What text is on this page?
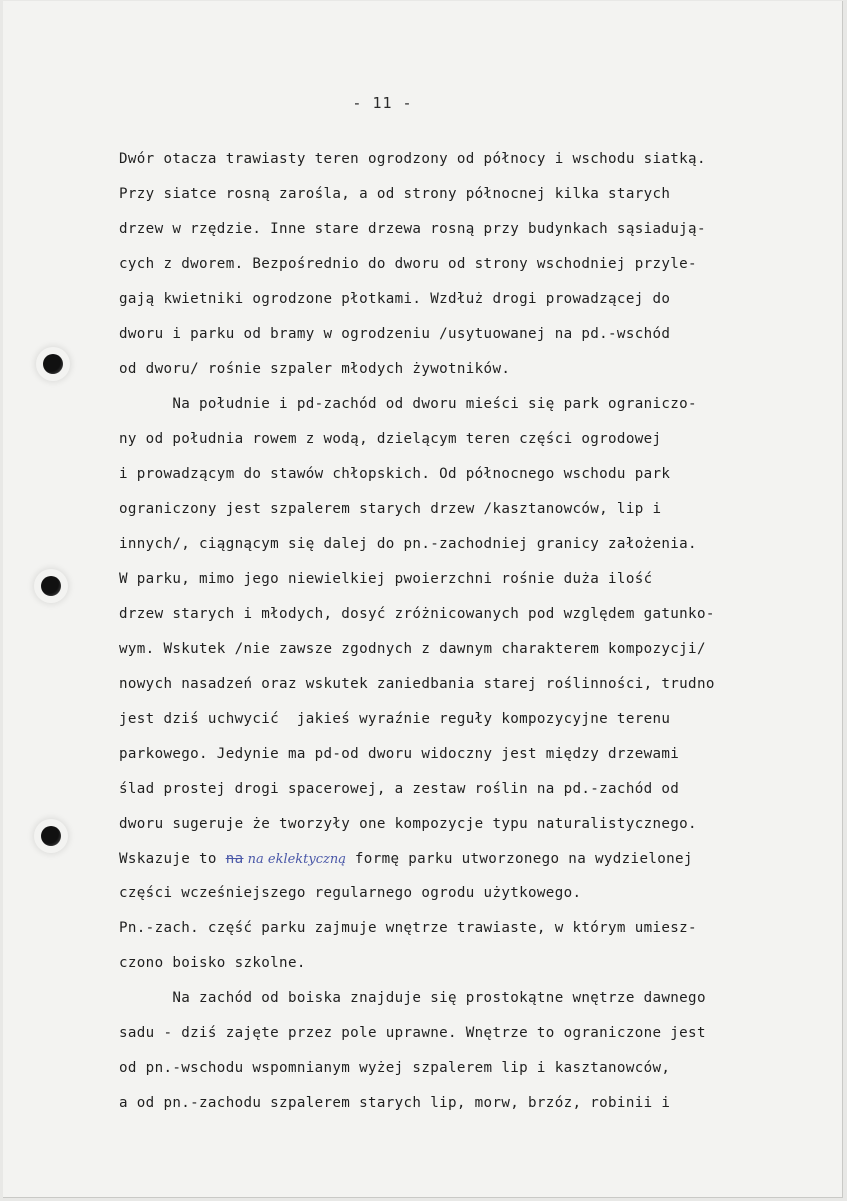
- 11 -
Dwór otacza trawiasty teren ogrodzony od północy i wschodu siatką.
Przy siatce rosną zarośla, a od strony północnej kilka starych
drzew w rzędzie. Inne stare drzewa rosną przy budynkach sąsiadują-
cych z dworem. Bezpośrednio do dworu od strony wschodniej przyle-
gają kwietniki ogrodzone płotkami. Wzdłuż drogi prowadzącej do
dworu i parku od bramy w ogrodzeniu /usytuowanej na pd.-wschód
od dworu/ rośnie szpaler młodych żywotników.
Na południe i pd-zachód od dworu mieści się park ograniczo-
ny od południa rowem z wodą, dzielącym teren części ogrodowej
i prowadzącym do stawów chłopskich. Od północnego wschodu park
ograniczony jest szpalerem starych drzew /kasztanowców, lip i
innych/, ciągnącym się dalej do pn.-zachodniej granicy założenia.
W parku, mimo jego niewielkiej pwoierzchni rośnie duża ilość
drzew starych i młodych, dosyć zróżnicowanych pod względem gatunko-
wym. Wskutek /nie zawsze zgodnych z dawnym charakterem kompozycji/
nowych nasadzeń oraz wskutek zaniedbania starej roślinności, trudno
jest dziś uchwycić  jakieś wyraźnie reguły kompozycyjne terenu
parkowego. Jedynie ma pd-od dworu widoczny jest między drzewami
ślad prostej drogi spacerowej, a zestaw roślin na pd.-zachód od
dworu sugeruje że tworzyły one kompozycje typu naturalistycznego.
Wskazuje to na na eklektyczną formę parku utworzonego na wydzielonej
części wcześniejszego regularnego ogrodu użytkowego.
Pn.-zach. część parku zajmuje wnętrze trawiaste, w którym umiesz-
czono boisko szkolne.
Na zachód od boiska znajduje się prostokątne wnętrze dawnego
sadu - dziś zajęte przez pole uprawne. Wnętrze to ograniczone jest
od pn.-wschodu wspomnianym wyżej szpalerem lip i kasztanowców,
a od pn.-zachodu szpalerem starych lip, morw, brzóz, robinii i
